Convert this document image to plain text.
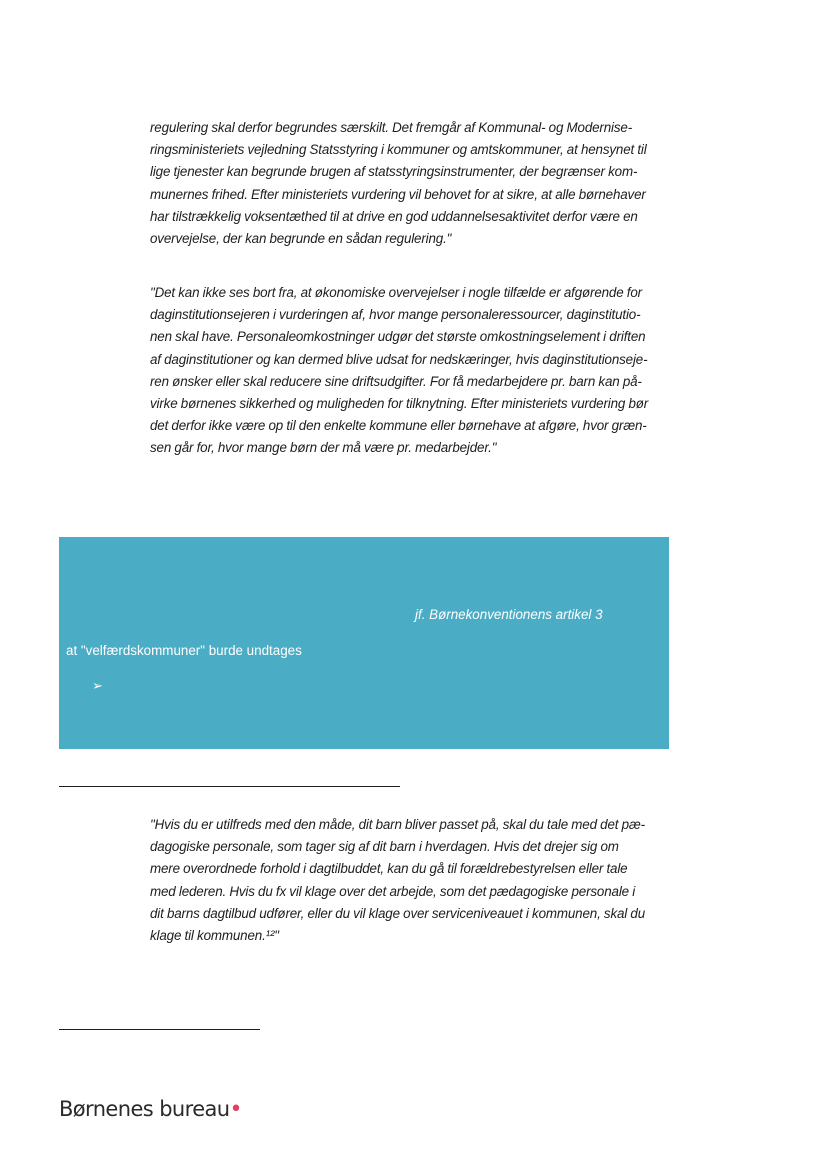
regulering skal derfor begrundes særskilt. Det fremgår af Kommunal- og Modernise-
ringsministeriets vejledning Statsstyring i kommuner og amtskommuner, at hensynet til
lige tjenester kan begrunde brugen af statsstyringsinstrumenter, der begrænser kom-
munernes frihed. Efter ministeriets vurdering vil behovet for at sikre, at alle børnehaver
har tilstrækkelig voksentæthed til at drive en god uddannelsesaktivitet derfor være en
overvejelse, der kan begrunde en sådan regulering."
"Det kan ikke ses bort fra, at økonomiske overvejelser i nogle tilfælde er afgørende for
daginstitutionsejeren i vurderingen af, hvor mange personaleressourcer, daginstitutio-
nen skal have. Personaleomkostninger udgør det største omkostningselement i driften
af daginstitutioner og kan dermed blive udsat for nedskæringer, hvis daginstitutionseje-
ren ønsker eller skal reducere sine driftsudgifter. For få medarbejdere pr. barn kan på-
virke børnenes sikkerhed og muligheden for tilknytning. Efter ministeriets vurdering bør
det derfor ikke være op til den enkelte kommune eller børnehave at afgøre, hvor græn-
sen går for, hvor mange børn der må være pr. medarbejder."
jf. Børnekonventionens artikel 3
at "velfærdskommuner" burde undtages
➢
"Hvis du er utilfreds med den måde, dit barn bliver passet på, skal du tale med det pæ-
dagogiske personale, som tager sig af dit barn i hverdagen. Hvis det drejer sig om
mere overordnede forhold i dagtilbuddet, kan du gå til forældrebestyrelsen eller tale
med lederen. Hvis du fx vil klage over det arbejde, som det pædagogiske personale i
dit barns dagtilbud udfører, eller du vil klage over serviceniveauet i kommunen, skal du
klage til kommunen.¹²"
Børnenes bureau•
